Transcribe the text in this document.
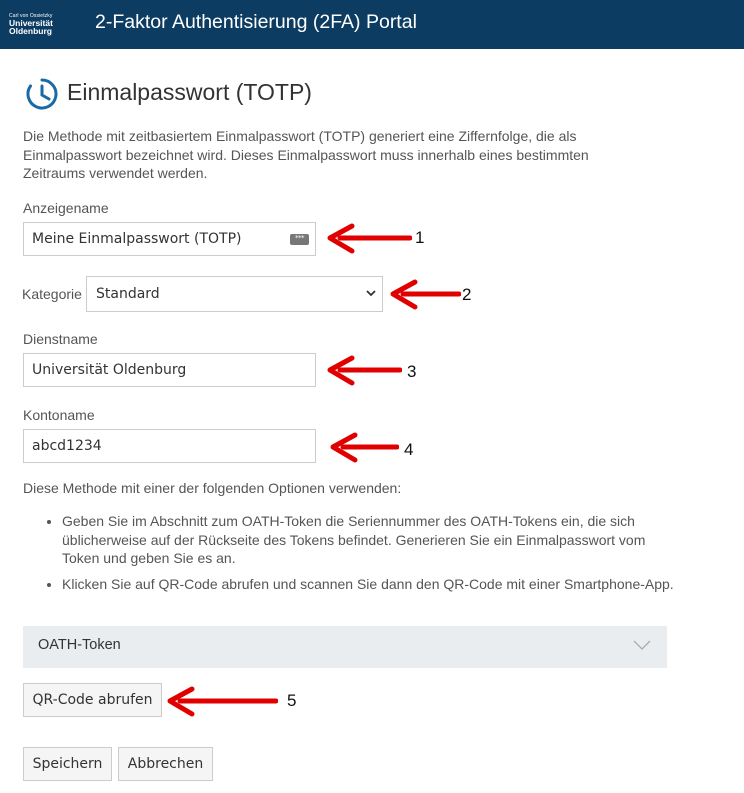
Carl von Ossietzky
Universität
Oldenburg 2-Faktor Authentisierung (2FA) Portal
Einmalpasswort (TOTP)
Die Methode mit zeitbasiertem Einmalpasswort (TOTP) generiert eine Ziffernfolge, die als Einmalpasswort bezeichnet wird. Dieses Einmalpasswort muss innerhalb eines bestimmten Zeitraums verwendet werden.
Anzeigename
Meine Einmalpasswort (TOTP)	***
Kategorie	Standard
Dienstname
Universität Oldenburg
Kontoname
abcd1234
Diese Methode mit einer der folgenden Optionen verwenden:
• Geben Sie im Abschnitt zum OATH-Token die Seriennummer des OATH-Tokens ein, die sich üblicherweise auf der Rückseite des Tokens befindet. Generieren Sie ein Einmalpasswort vom Token und geben Sie es an.
• Klicken Sie auf QR-Code abrufen und scannen Sie dann den QR-Code mit einer Smartphone-App.
OATH-Token
QR-Code abrufen
Speichern	Abbrechen
1
2
3
4
5
